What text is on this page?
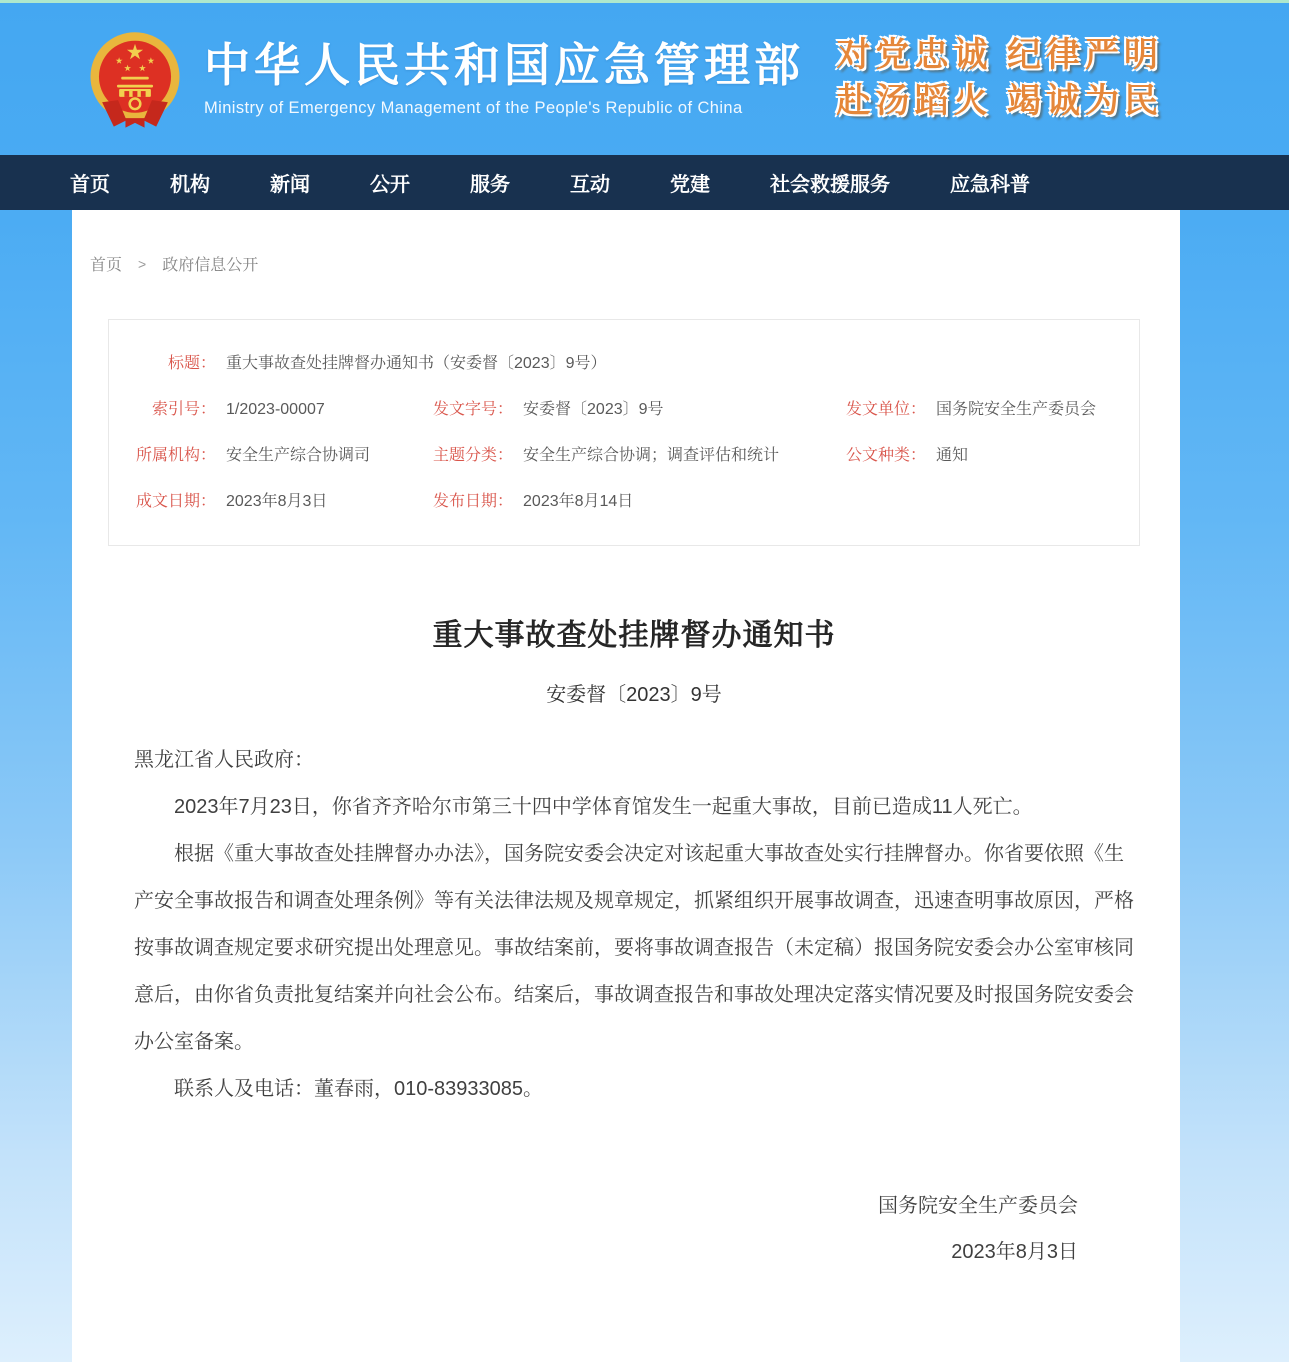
中华人民共和国应急管理部
Ministry of Emergency Management of the People's Republic of China
对党忠诚 纪律严明
赴汤蹈火 竭诚为民
首页	机构	新闻	公开	服务	互动	党建	社会救援服务	应急科普
首页 > 政府信息公开
标题： 重大事故查处挂牌督办通知书（安委督〔2023〕9号）
索引号： 1/2023-00007	发文字号： 安委督〔2023〕9号	发文单位： 国务院安全生产委员会
所属机构： 安全生产综合协调司	主题分类： 安全生产综合协调；调查评估和统计	公文种类： 通知
成文日期： 2023年8月3日	发布日期： 2023年8月14日
重大事故查处挂牌督办通知书
安委督〔2023〕9号

黑龙江省人民政府：

2023年7月23日，你省齐齐哈尔市第三十四中学体育馆发生一起重大事故，目前已造成11人死亡。

根据《重大事故查处挂牌督办办法》，国务院安委会决定对该起重大事故查处实行挂牌督办。你省要依照《生产安全事故报告和调查处理条例》等有关法律法规及规章规定，抓紧组织开展事故调查，迅速查明事故原因，严格按事故调查规定要求研究提出处理意见。事故结案前，要将事故调查报告（未定稿）报国务院安委会办公室审核同意后，由你省负责批复结案并向社会公布。结案后，事故调查报告和事故处理决定落实情况要及时报国务院安委会办公室备案。

联系人及电话：董春雨，010-83933085。

国务院安全生产委员会
2023年8月3日
